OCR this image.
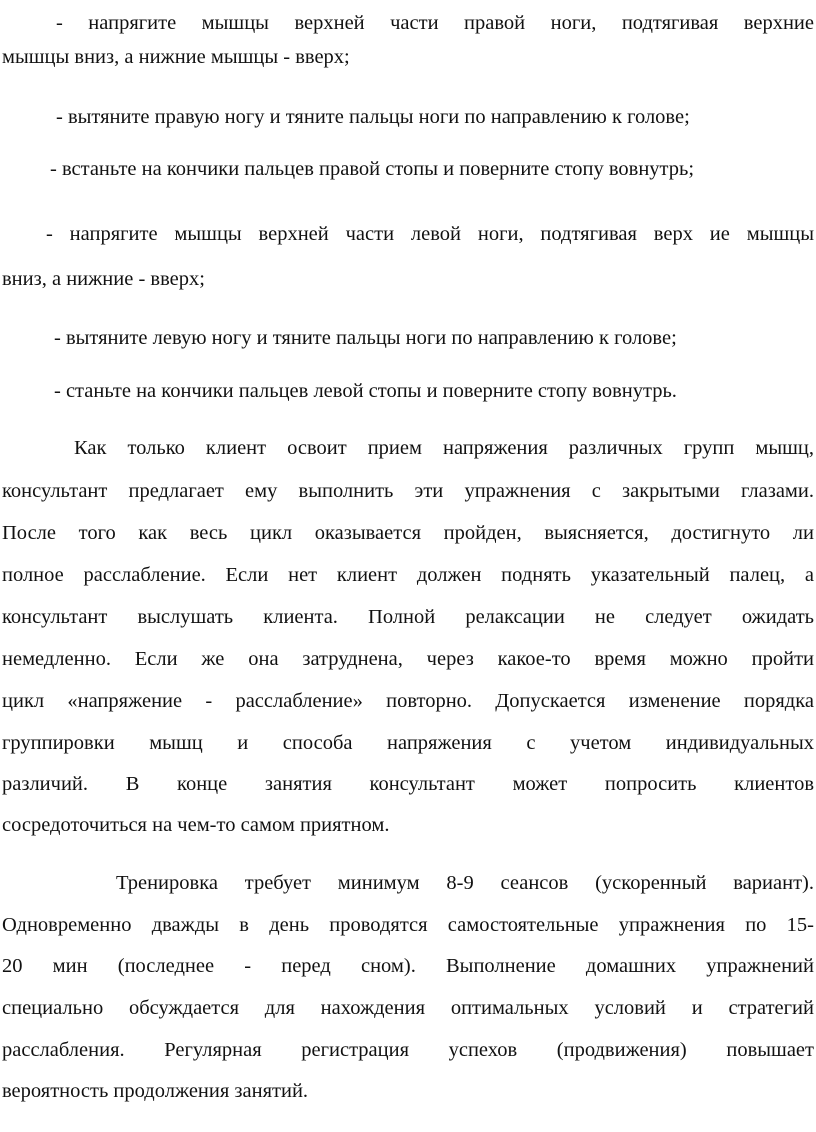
- напрягите мышцы верхней части правой ноги, подтягивая верхние
мышцы вниз, а нижние мышцы - вверх;
- вытяните правую ногу и тяните пальцы ноги по направлению к голове;
- встаньте на кончики пальцев правой стопы и поверните стопу вовнутрь;
- напрягите мышцы верхней части левой ноги, подтягивая верх ие мышцы
вниз, а нижние - вверх;
- вытяните левую ногу и тяните пальцы ноги по направлению к голове;
- станьте на кончики пальцев левой стопы и поверните стопу вовнутрь.
Как только клиент освоит прием напряжения различных групп мышц,
консультант предлагает ему выполнить эти упражнения с закрытыми глазами.
После того как весь цикл оказывается пройден, выясняется, достигнуто ли
полное расслабление. Если нет клиент должен поднять указательный палец, а
консультант выслушать клиента. Полной релаксации не следует ожидать
немедленно. Если же она затруднена, через какое-то время можно пройти
цикл «напряжение - расслабление» повторно. Допускается изменение порядка
группировки мышц и способа напряжения с учетом индивидуальных
различий. В конце занятия консультант может попросить клиентов
сосредоточиться на чем-то самом приятном.
Тренировка требует минимум 8-9 сеансов (ускоренный вариант).
Одновременно дважды в день проводятся самостоятельные упражнения по 15-
20 мин (последнее - перед сном). Выполнение домашних упражнений
специально обсуждается для нахождения оптимальных условий и стратегий
расслабления. Регулярная регистрация успехов (продвижения) повышает
вероятность продолжения занятий.
